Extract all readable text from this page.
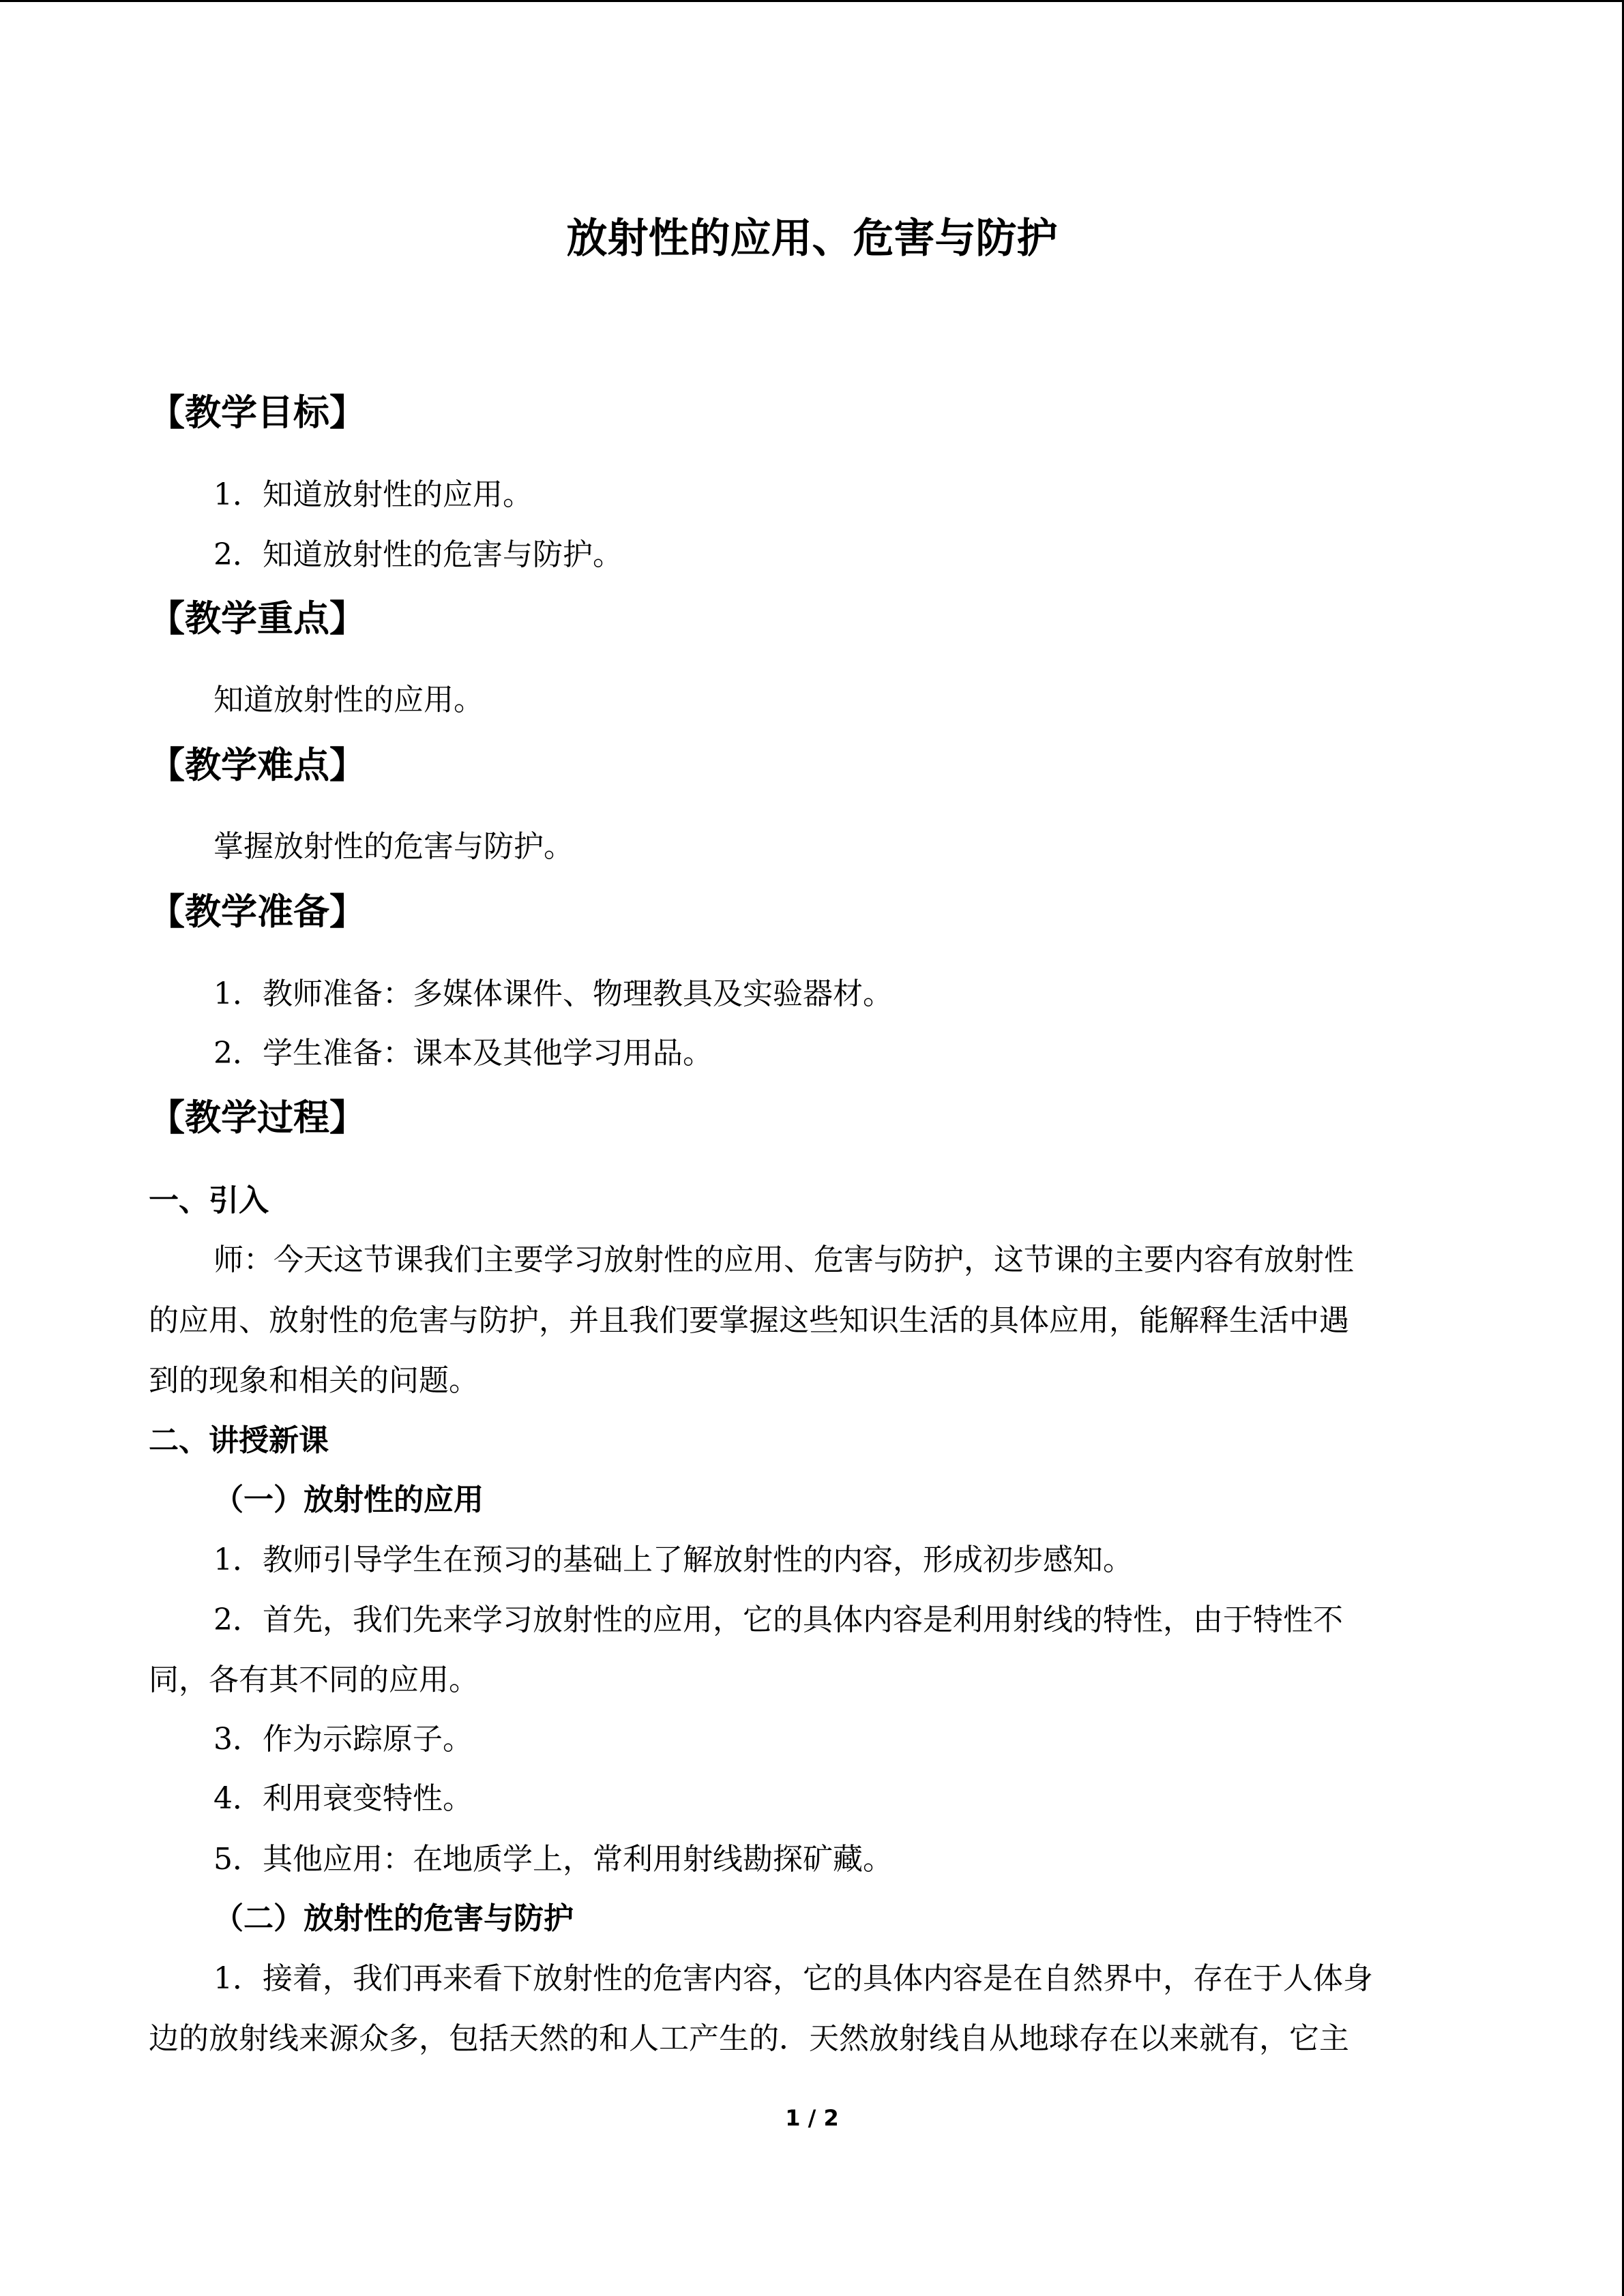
放射性的应用、危害与防护
【教学目标】
1．知道放射性的应用。
2．知道放射性的危害与防护。
【教学重点】
知道放射性的应用。
【教学难点】
掌握放射性的危害与防护。
【教学准备】
1．教师准备：多媒体课件、物理教具及实验器材。
2．学生准备：课本及其他学习用品。
【教学过程】
一、引入
师：今天这节课我们主要学习放射性的应用、危害与防护，这节课的主要内容有放射性
的应用、放射性的危害与防护，并且我们要掌握这些知识生活的具体应用，能解释生活中遇
到的现象和相关的问题。
二、讲授新课
（一）放射性的应用
1．教师引导学生在预习的基础上了解放射性的内容，形成初步感知。
2．首先，我们先来学习放射性的应用，它的具体内容是利用射线的特性，由于特性不
同，各有其不同的应用。
3．作为示踪原子。
4．利用衰变特性。
5．其他应用：在地质学上，常利用射线勘探矿藏。
（二）放射性的危害与防护
1．接着，我们再来看下放射性的危害内容，它的具体内容是在自然界中，存在于人体身
边的放射线来源众多，包括天然的和人工产生的．天然放射线自从地球存在以来就有，它主
1 / 2
